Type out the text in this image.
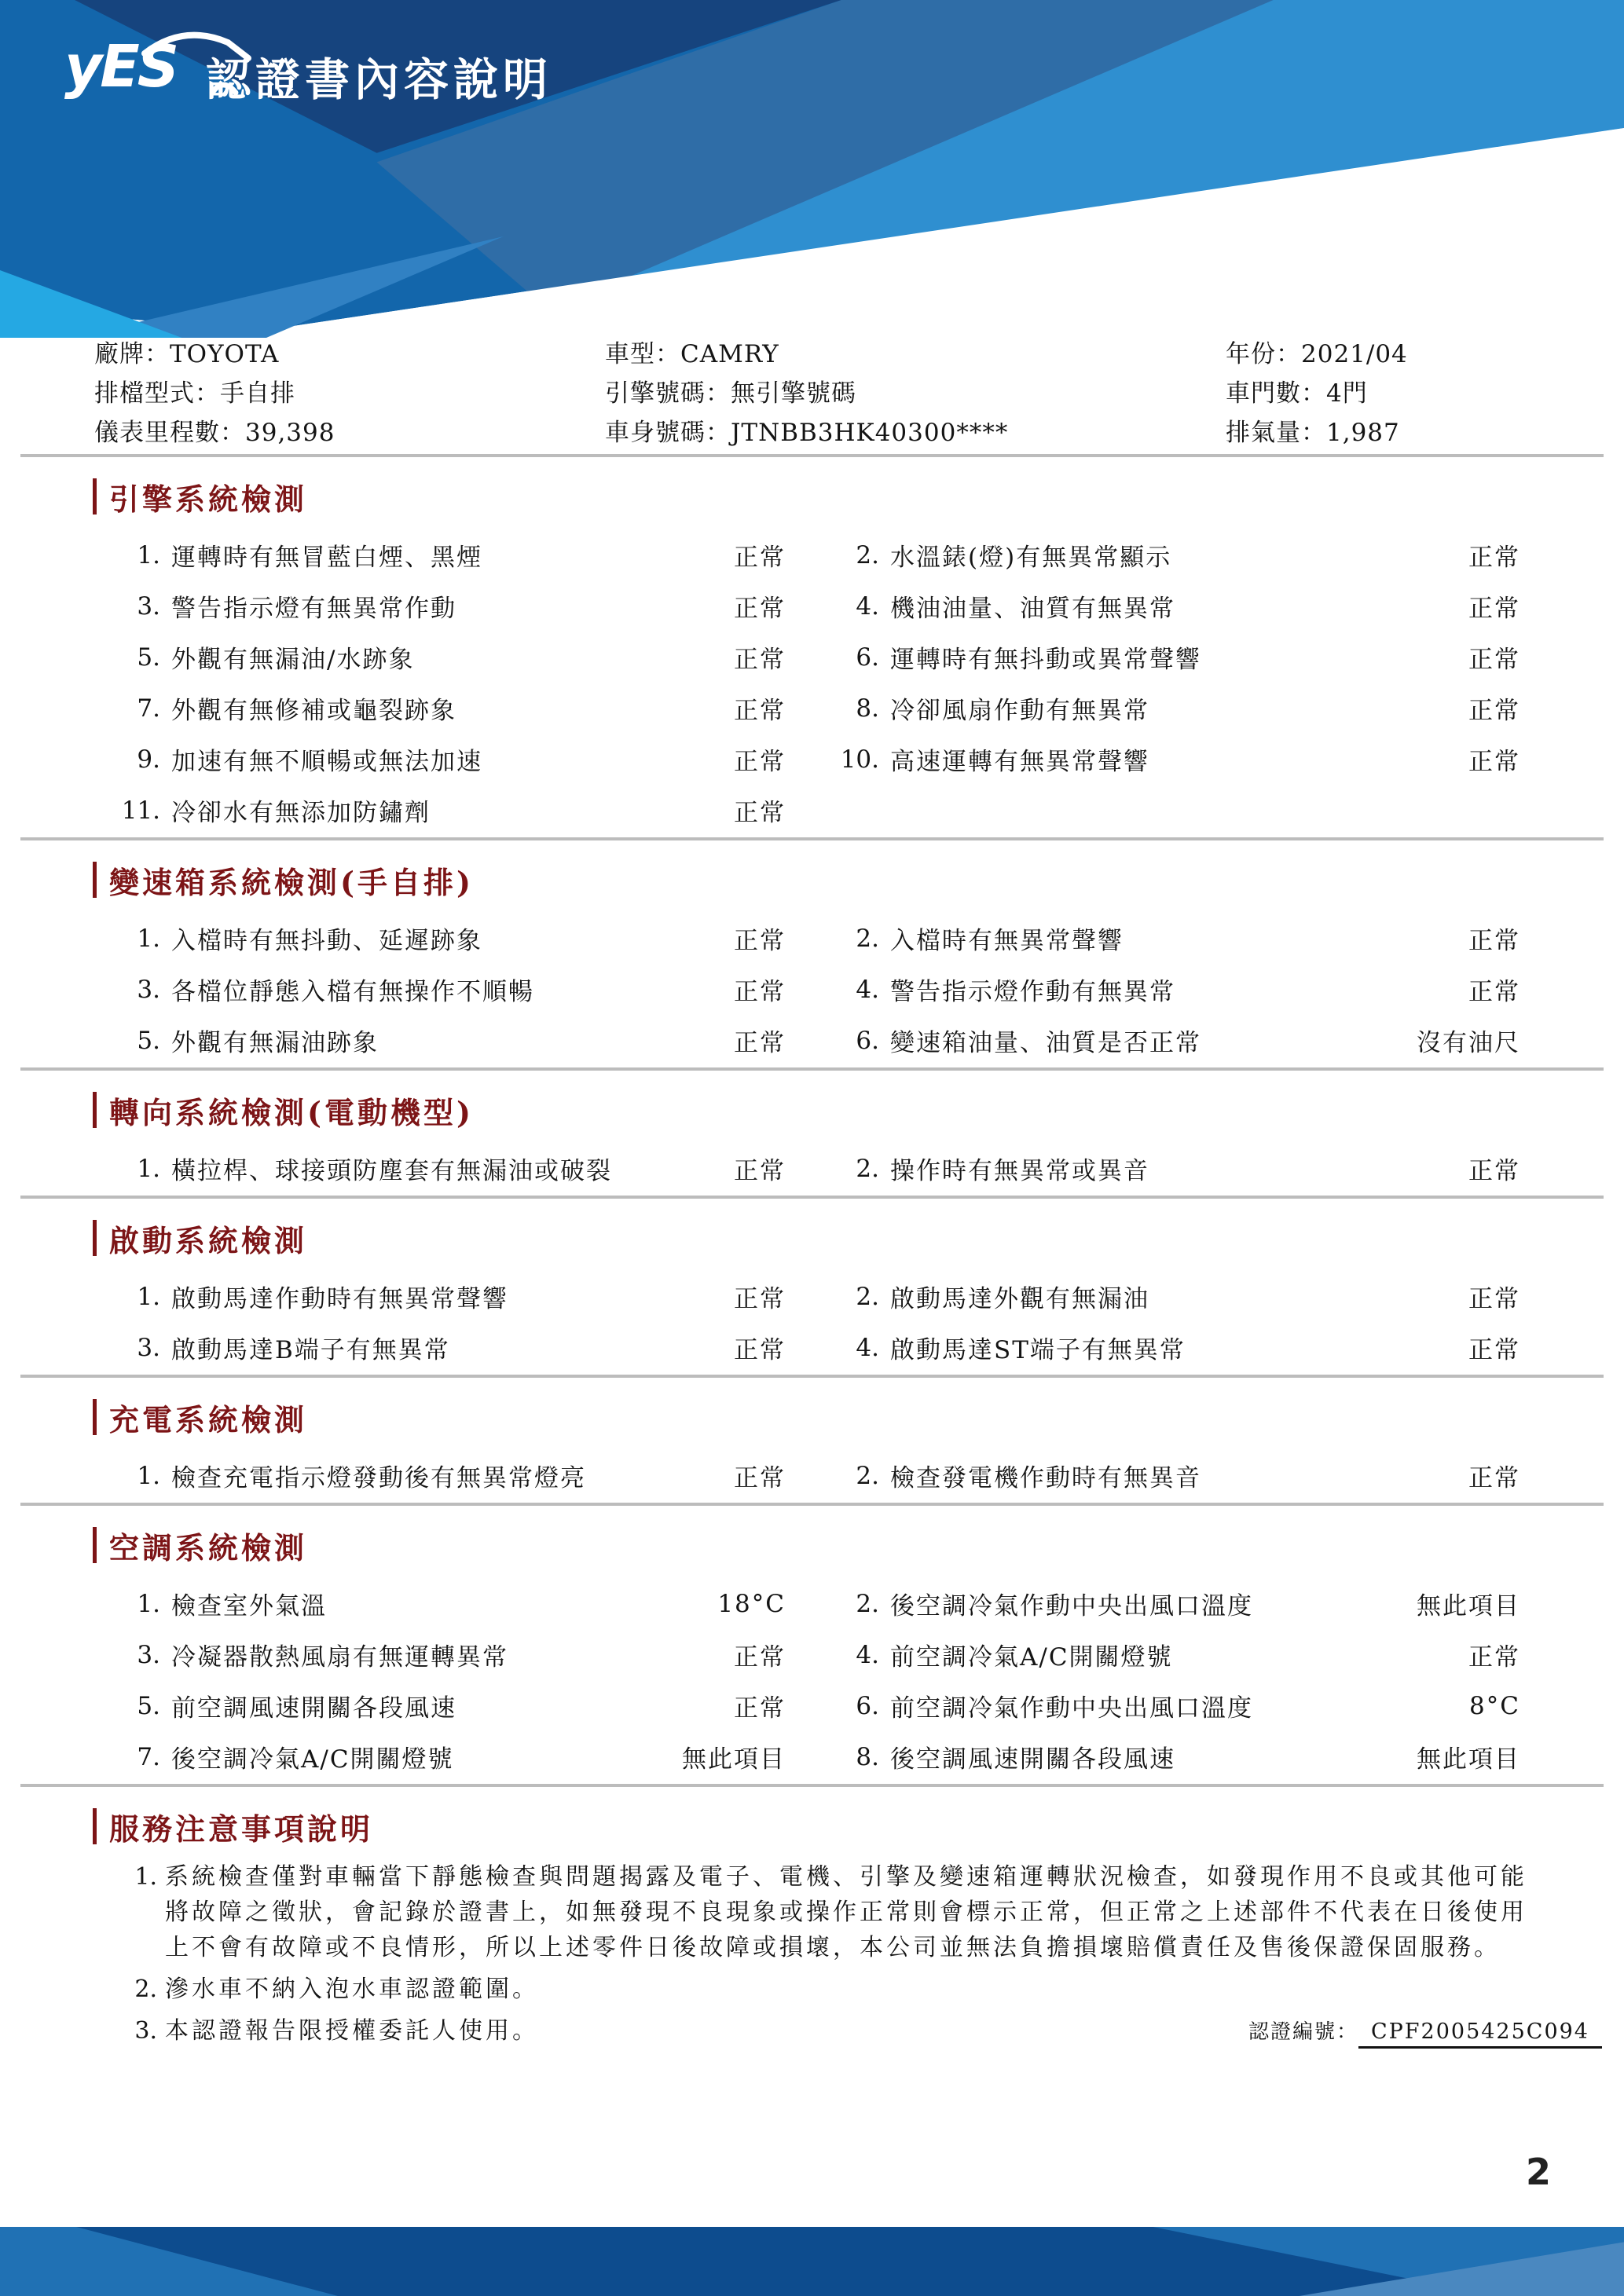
yES 認證書內容說明
廠牌：TOYOTA	車型：CAMRY	年份：2021/04
排檔型式：手自排	引擎號碼：無引擎號碼	車門數：4門
儀表里程數：39,398	車身號碼：JTNBB3HK40300****	排氣量：1,987
引擎系統檢測
1. 運轉時有無冒藍白煙、黑煙	正常	2. 水溫錶(燈)有無異常顯示	正常
3. 警告指示燈有無異常作動	正常	4. 機油油量、油質有無異常	正常
5. 外觀有無漏油/水跡象	正常	6. 運轉時有無抖動或異常聲響	正常
7. 外觀有無修補或龜裂跡象	正常	8. 冷卻風扇作動有無異常	正常
9. 加速有無不順暢或無法加速	正常	10. 高速運轉有無異常聲響	正常
11. 冷卻水有無添加防鏽劑	正常
變速箱系統檢測(手自排)
1. 入檔時有無抖動、延遲跡象	正常	2. 入檔時有無異常聲響	正常
3. 各檔位靜態入檔有無操作不順暢	正常	4. 警告指示燈作動有無異常	正常
5. 外觀有無漏油跡象	正常	6. 變速箱油量、油質是否正常	沒有油尺
轉向系統檢測(電動機型)
1. 橫拉桿、球接頭防塵套有無漏油或破裂	正常	2. 操作時有無異常或異音	正常
啟動系統檢測
1. 啟動馬達作動時有無異常聲響	正常	2. 啟動馬達外觀有無漏油	正常
3. 啟動馬達B端子有無異常	正常	4. 啟動馬達ST端子有無異常	正常
充電系統檢測
1. 檢查充電指示燈發動後有無異常燈亮	正常	2. 檢查發電機作動時有無異音	正常
空調系統檢測
1. 檢查室外氣溫	18°C	2. 後空調冷氣作動中央出風口溫度	無此項目
3. 冷凝器散熱風扇有無運轉異常	正常	4. 前空調冷氣A/C開關燈號	正常
5. 前空調風速開關各段風速	正常	6. 前空調冷氣作動中央出風口溫度	8°C
7. 後空調冷氣A/C開關燈號	無此項目	8. 後空調風速開關各段風速	無此項目
服務注意事項說明
1. 系統檢查僅對車輛當下靜態檢查與問題揭露及電子、電機、引擎及變速箱運轉狀況檢查，如發現作用不良或其他可能將故障之徵狀，會記錄於證書上，如無發現不良現象或操作正常則會標示正常，但正常之上述部件不代表在日後使用上不會有故障或不良情形，所以上述零件日後故障或損壞，本公司並無法負擔損壞賠償責任及售後保證保固服務。
2. 滲水車不納入泡水車認證範圍。
3. 本認證報告限授權委託人使用。	認證編號： CPF2005425C094
2
